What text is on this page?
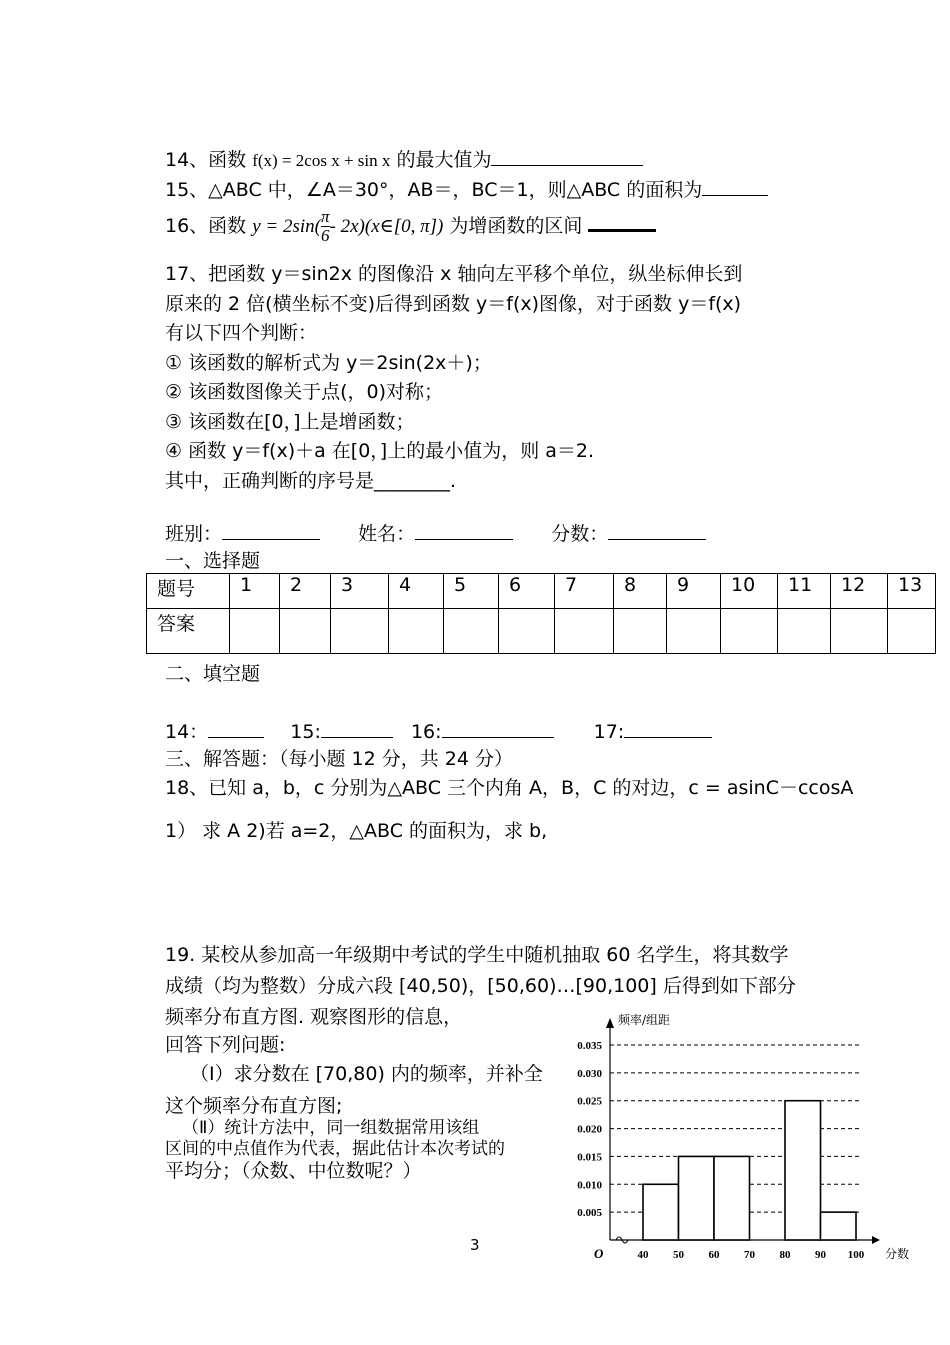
14、函数 f(x) = 2cos x + sin x 的最大值为
15、△ABC 中，∠A＝30°，AB＝，BC＝1，则△ABC 的面积为
16、函数 $y = 2\sin( \frac{\pi}{6}$ - 2x)(x∈[0, π]) 为增函数的区间
17、把函数 y＝sin2x 的图像沿 x 轴向左平移个单位，纵坐标伸长到
原来的 2 倍(横坐标不变)后得到函数 y＝f(x)图像，对于函数 y＝f(x)
有以下四个判断：
① 该函数的解析式为 y＝2sin(2x＋)；
② 该函数图像关于点(，0)对称；
③ 该函数在[0，]上是增函数；
④ 函数 y＝f(x)＋a 在[0，]上的最小值为，则 a＝2.
其中，正确判断的序号是________.
班别：	姓名：	分数：
一、选择题
题号	1	2	3	4	5	6	7	8	9	10	11	12	13
答案													
二、填空题
14：	15:	16:	17:
三、解答题：（每小题 12 分，共 24 分）
18、已知 a，b，c 分别为△ABC 三个内角 A，B，C 的对边，c = asinC－ccosA
1） 求 A 2)若 a=2，△ABC 的面积为，求 b,
19. 某校从参加高一年级期中考试的学生中随机抽取 60 名学生，将其数学
成绩（均为整数）分成六段 [40,50)，[50,60)…[90,100] 后得到如下部分
频率分布直方图. 观察图形的信息，
回答下列问题:
（Ⅰ）求分数在 [70,80) 内的频率，并补全
这个频率分布直方图;
（Ⅱ）统计方法中，同一组数据常用该组
区间的中点值作为代表，据此估计本次考试的
平均分；（众数、中位数呢？）
3
0.005
0.010
0.015
0.020
0.025
0.030
0.035
频率/组距
分数
O	40 50 60 70 80 90 100
